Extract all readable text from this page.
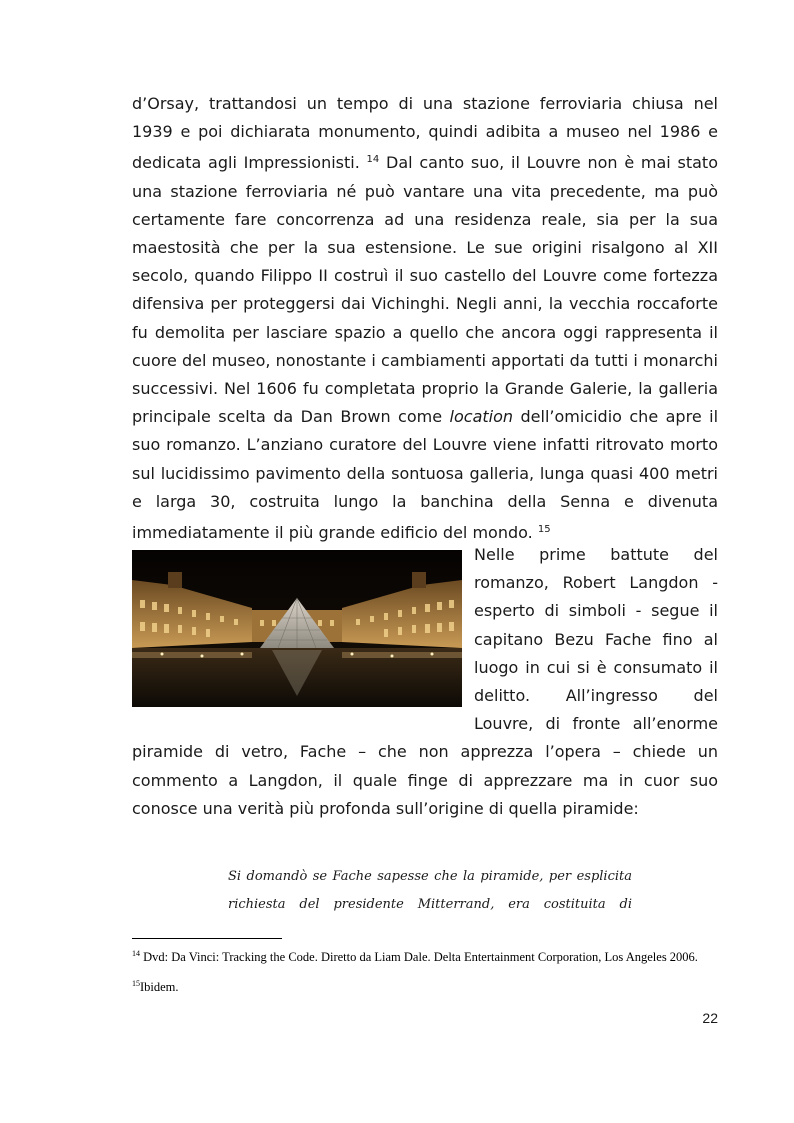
d’Orsay, trattandosi un tempo di una stazione ferroviaria chiusa nel 1939 e poi dichiarata monumento, quindi adibita a museo nel 1986 e dedicata agli Impressionisti. $^{14}$ Dal canto suo, il Louvre non è mai stato una stazione ferroviaria né può vantare una vita precedente, ma può certamente fare concorrenza ad una residenza reale, sia per la sua maestosità che per la sua estensione. Le sue origini risalgono al XII secolo, quando Filippo II costruì il suo castello del Louvre come fortezza difensiva per proteggersi dai Vichinghi. Negli anni, la vecchia roccaforte fu demolita per lasciare spazio a quello che ancora oggi rappresenta il cuore del museo, nonostante i cambiamenti apportati da tutti i monarchi successivi. Nel 1606 fu completata proprio la Grande Galerie, la galleria principale scelta da Dan Brown come location dell’omicidio che apre il suo romanzo. L’anziano curatore del Louvre viene infatti ritrovato morto sul lucidissimo pavimento della sontuosa galleria, lunga quasi 400 metri e larga 30, costruita lungo la banchina della Senna e divenuta immediatamente il più grande edificio del mondo. $^{15}$

Nelle prime battute del romanzo, Robert Langdon - esperto di simboli - segue il capitano Bezu Fache fino al luogo in cui si è consumato il delitto. All’ingresso del Louvre, di fronte all’enorme piramide di vetro, Fache – che non apprezza l’opera – chiede un commento a Langdon, il quale finge di apprezzare ma in cuor suo conosce una verità più profonda sull’origine di quella piramide:

Si domandò se Fache sapesse che la piramide, per esplicita richiesta del presidente Mitterrand, era costituita di

$^{14}$ Dvd: Da Vinci: Tracking the Code. Diretto da Liam Dale. Delta Entertainment Corporation, Los Angeles 2006.

$^{15}$Ibidem.

22
